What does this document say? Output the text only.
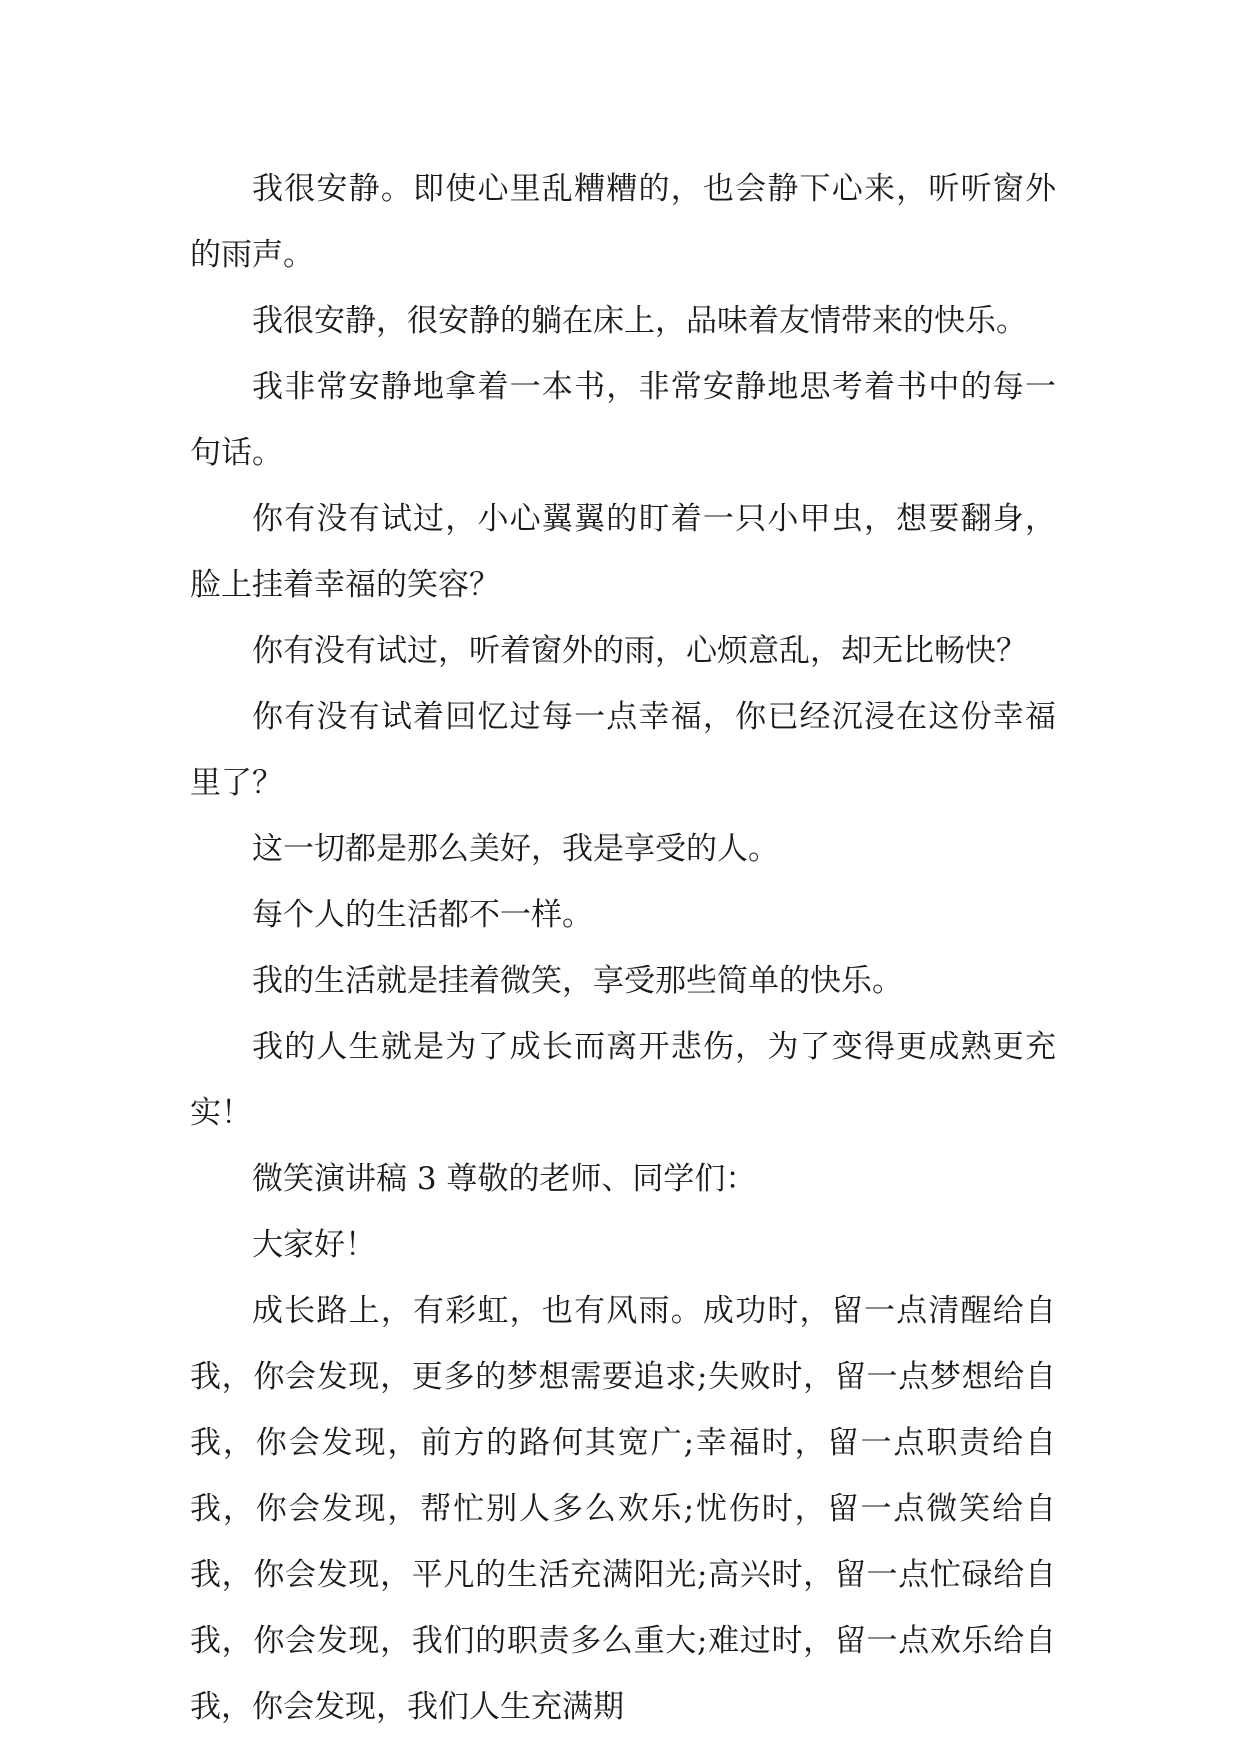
我很安静。即使心里乱糟糟的，也会静下心来，听听窗外的雨声。

我很安静，很安静的躺在床上，品味着友情带来的快乐。

我非常安静地拿着一本书，非常安静地思考着书中的每一句话。

你有没有试过，小心翼翼的盯着一只小甲虫，想要翻身，脸上挂着幸福的笑容？

你有没有试过，听着窗外的雨，心烦意乱，却无比畅快？

你有没有试着回忆过每一点幸福，你已经沉浸在这份幸福里了？

这一切都是那么美好，我是享受的人。

每个人的生活都不一样。

我的生活就是挂着微笑，享受那些简单的快乐。

我的人生就是为了成长而离开悲伤，为了变得更成熟更充实！

微笑演讲稿 3 尊敬的老师、同学们：

大家好！

成长路上，有彩虹，也有风雨。成功时，留一点清醒给自我，你会发现，更多的梦想需要追求;失败时，留一点梦想给自我，你会发现，前方的路何其宽广;幸福时，留一点职责给自我，你会发现，帮忙别人多么欢乐;忧伤时，留一点微笑给自我，你会发现，平凡的生活充满阳光;高兴时，留一点忙碌给自我，你会发现，我们的职责多么重大;难过时，留一点欢乐给自我，你会发现，我们人生充满期
